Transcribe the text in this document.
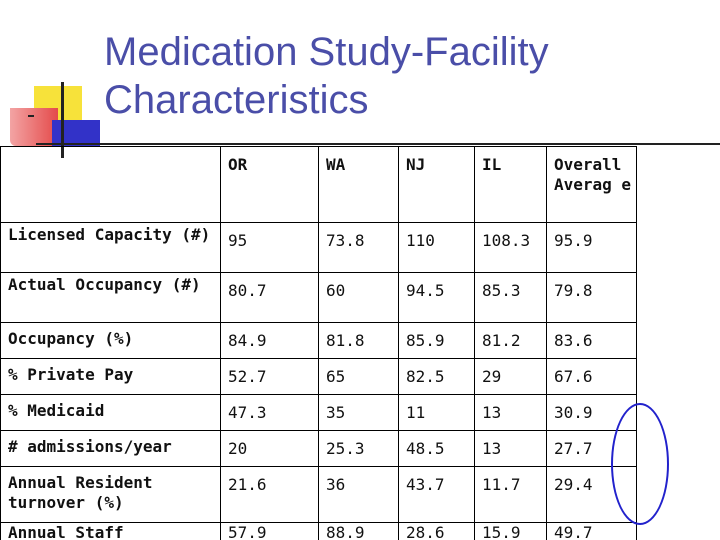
Medication Study-Facility
Characteristics
	OR	WA	NJ	IL	Overall Averag e
Licensed Capacity (#)	95	73.8	110	108.3	95.9
Actual Occupancy (#)	80.7	60	94.5	85.3	79.8
Occupancy (%)	84.9	81.8	85.9	81.2	83.6
% Private Pay	52.7	65	82.5	29	67.6
% Medicaid	47.3	35	11	13	30.9
# admissions/year	20	25.3	48.5	13	27.7
Annual Resident turnover (%)	21.6	36	43.7	11.7	29.4
Annual Staff	57.9	88.9	28.6	15.9	49.7
